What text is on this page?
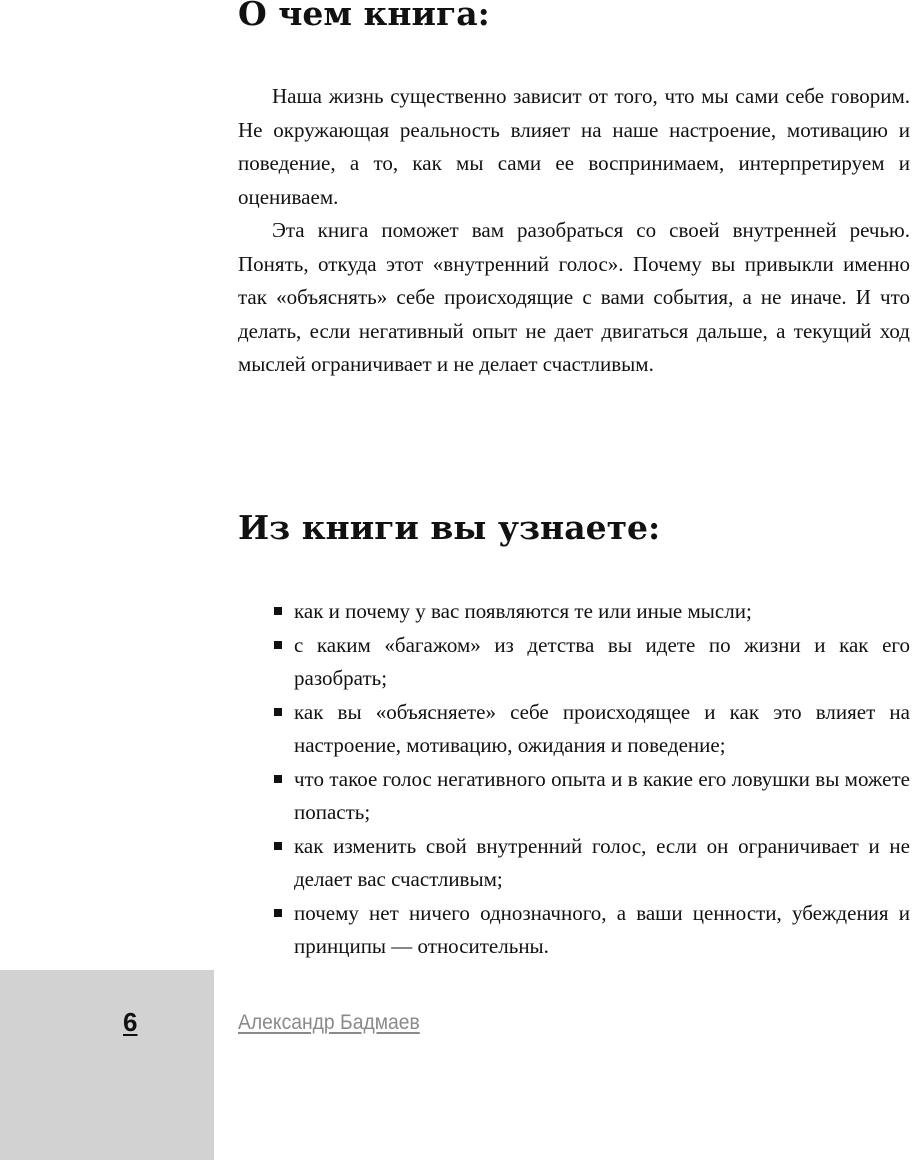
О чем книга:

Наша жизнь существенно зависит от того, что мы сами себе говорим. Не окружающая реальность влияет на наше настроение, мотивацию и поведение, а то, как мы сами ее воспринимаем, интерпретируем и оцениваем.

Эта книга поможет вам разобраться со своей внутренней речью. Понять, откуда этот «внутренний голос». Почему вы привыкли именно так «объяснять» себе происходящие с вами события, а не иначе. И что делать, если негативный опыт не дает двигаться дальше, а текущий ход мыслей ограничивает и не делает счастливым.

Из книги вы узнаете:
как и почему у вас появляются те или иные мысли;
с каким «багажом» из детства вы идете по жизни и как его разобрать;
как вы «объясняете» себе происходящее и как это влияет на настроение, мотивацию, ожидания и поведение;
что такое голос негативного опыта и в какие его ловушки вы можете попасть;
как изменить свой внутренний голос, если он ограничивает и не делает вас счастливым;
почему нет ничего однозначного, а ваши ценности, убеждения и принципы — относительны.
6	Александр Бадмаев
